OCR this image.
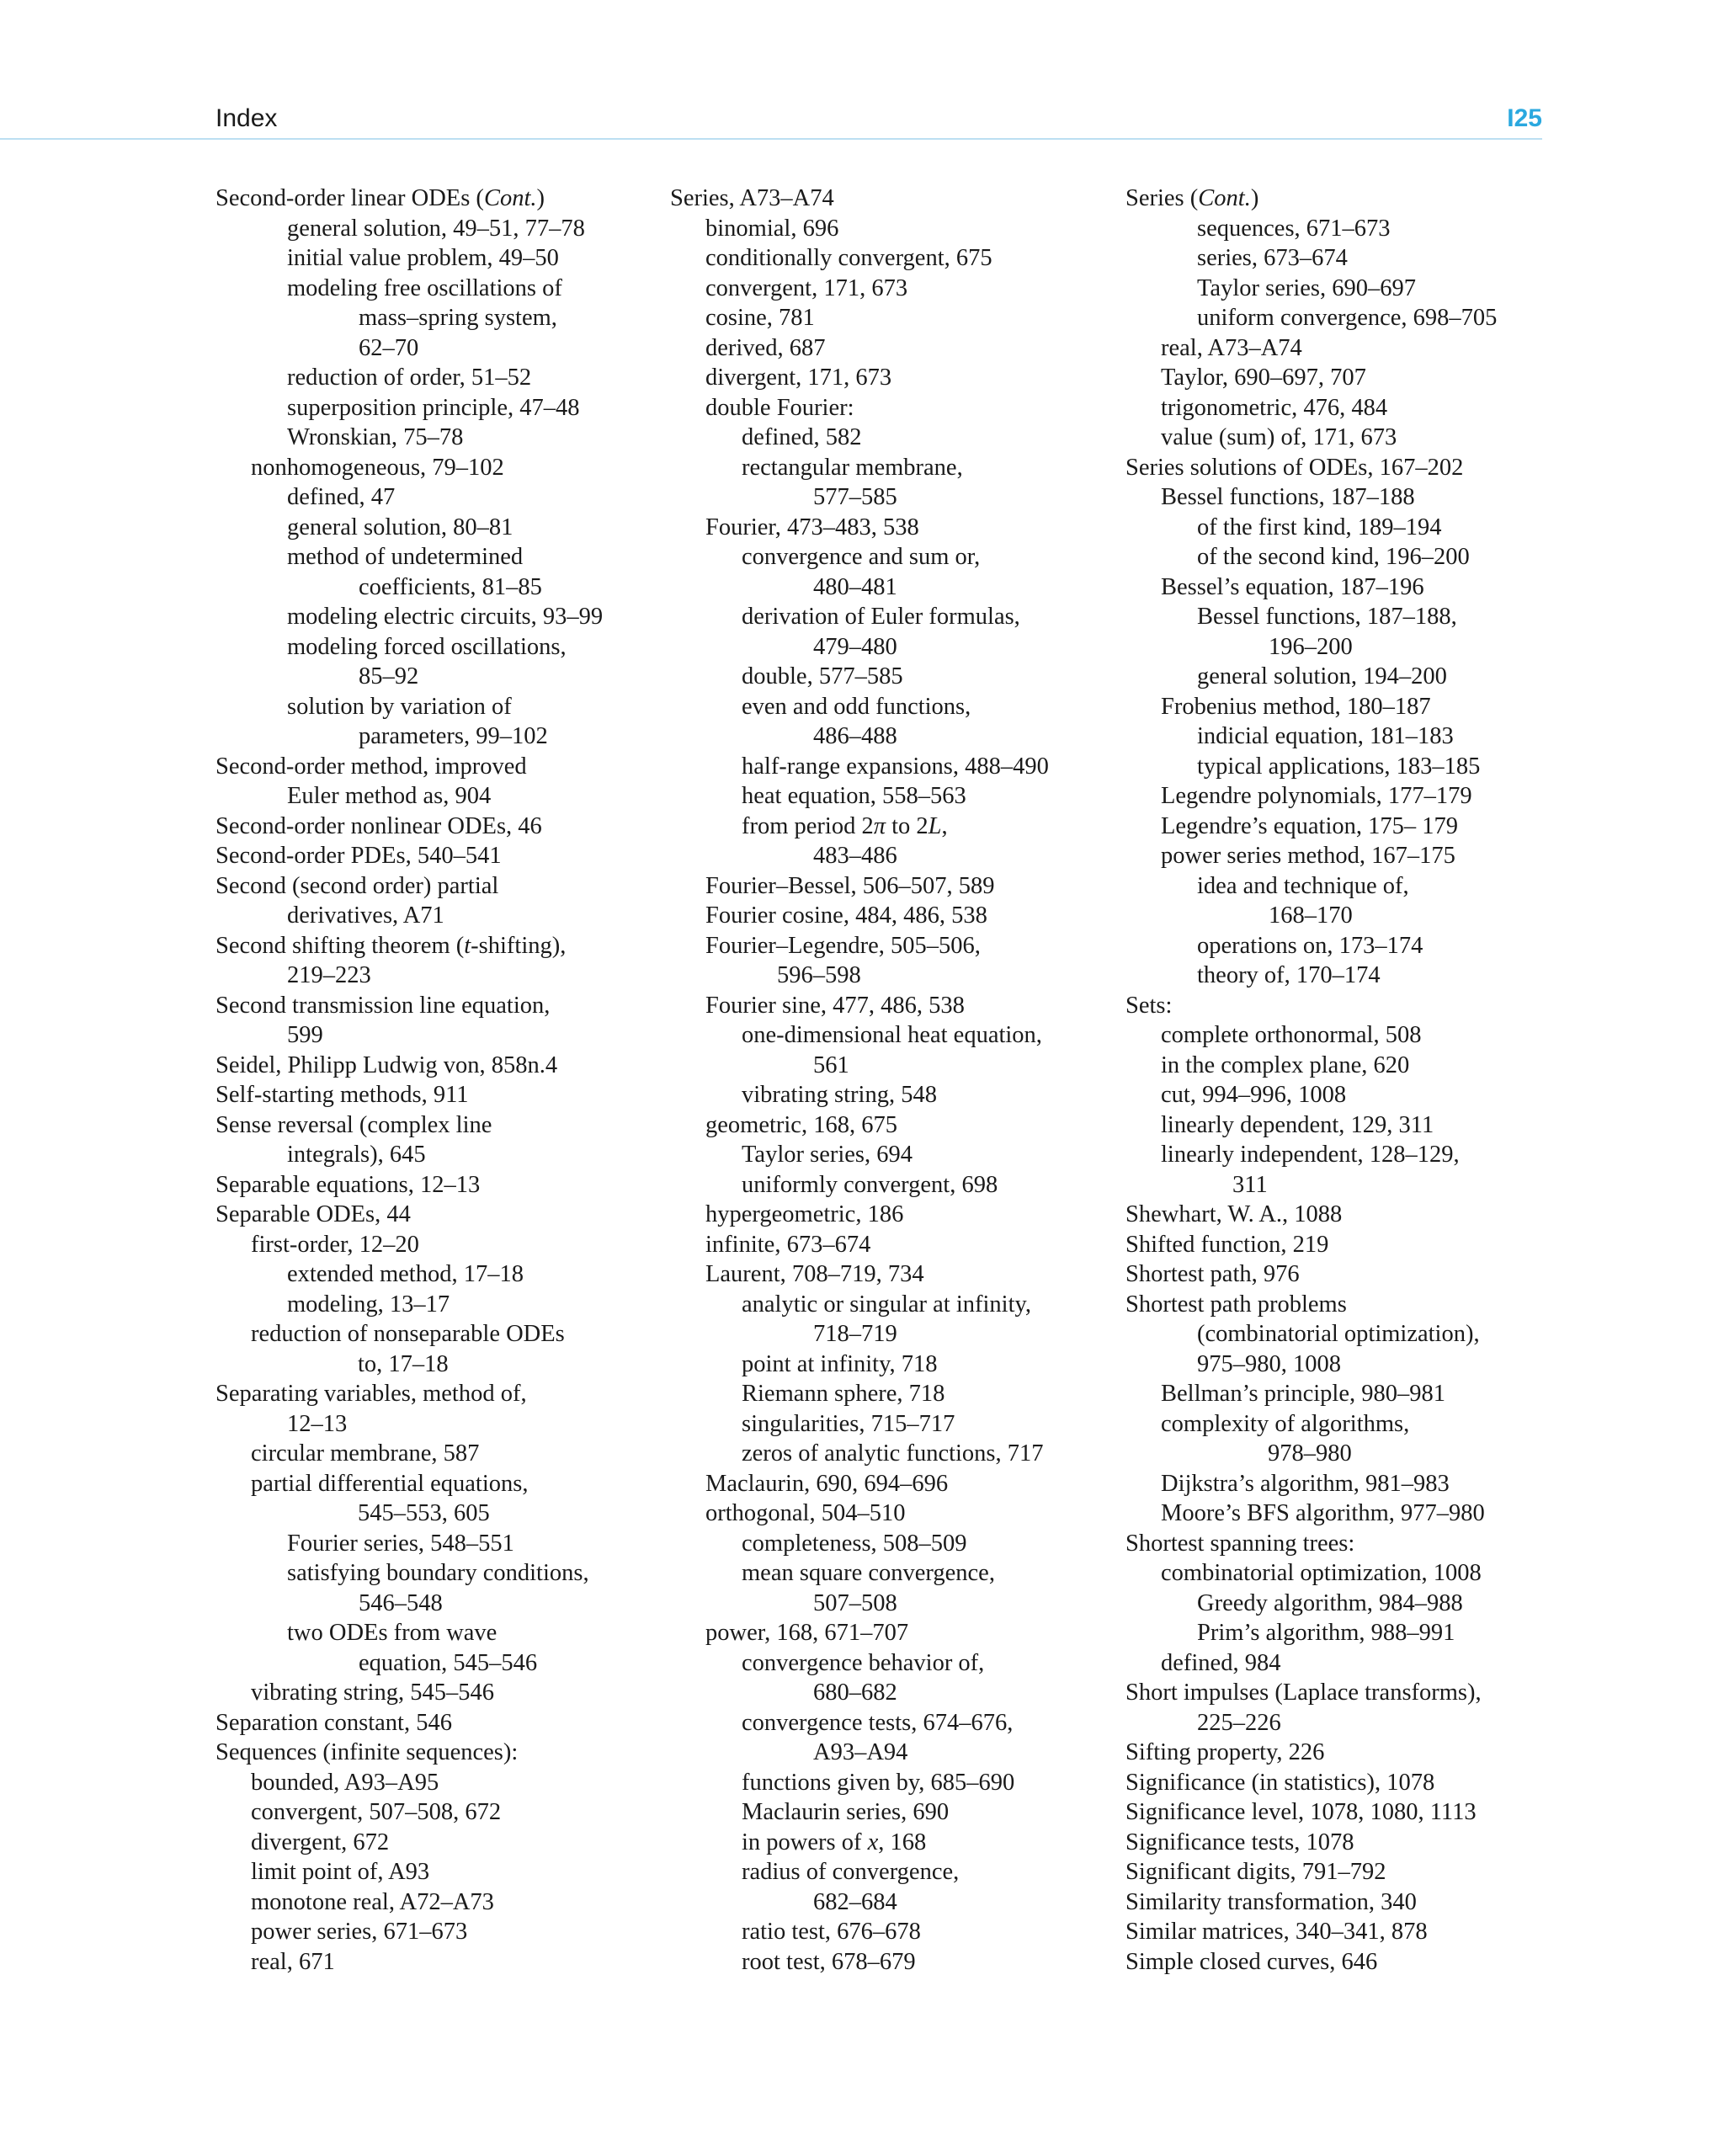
Index	I25
Second-order linear ODEs (Cont.)
general solution, 49–51, 77–78
initial value problem, 49–50
modeling free oscillations of
mass–spring system,
62–70
reduction of order, 51–52
superposition principle, 47–48
Wronskian, 75–78
nonhomogeneous, 79–102
defined, 47
general solution, 80–81
method of undetermined
coefficients, 81–85
modeling electric circuits, 93–99
modeling forced oscillations,
85–92
solution by variation of
parameters, 99–102
Second-order method, improved
Euler method as, 904
Second-order nonlinear ODEs, 46
Second-order PDEs, 540–541
Second (second order) partial
derivatives, A71
Second shifting theorem (t-shifting),
219–223
Second transmission line equation,
599
Seidel, Philipp Ludwig von, 858n.4
Self-starting methods, 911
Sense reversal (complex line
integrals), 645
Separable equations, 12–13
Separable ODEs, 44
first-order, 12–20
extended method, 17–18
modeling, 13–17
reduction of nonseparable ODEs
to, 17–18
Separating variables, method of,
12–13
circular membrane, 587
partial differential equations,
545–553, 605
Fourier series, 548–551
satisfying boundary conditions,
546–548
two ODEs from wave
equation, 545–546
vibrating string, 545–546
Separation constant, 546
Sequences (infinite sequences):
bounded, A93–A95
convergent, 507–508, 672
divergent, 672
limit point of, A93
monotone real, A72–A73
power series, 671–673
real, 671
Series, A73–A74
binomial, 696
conditionally convergent, 675
convergent, 171, 673
cosine, 781
derived, 687
divergent, 171, 673
double Fourier:
defined, 582
rectangular membrane,
577–585
Fourier, 473–483, 538
convergence and sum or,
480–481
derivation of Euler formulas,
479–480
double, 577–585
even and odd functions,
486–488
half-range expansions, 488–490
heat equation, 558–563
from period 2π to 2L,
483–486
Fourier–Bessel, 506–507, 589
Fourier cosine, 484, 486, 538
Fourier–Legendre, 505–506,
596–598
Fourier sine, 477, 486, 538
one-dimensional heat equation,
561
vibrating string, 548
geometric, 168, 675
Taylor series, 694
uniformly convergent, 698
hypergeometric, 186
infinite, 673–674
Laurent, 708–719, 734
analytic or singular at infinity,
718–719
point at infinity, 718
Riemann sphere, 718
singularities, 715–717
zeros of analytic functions, 717
Maclaurin, 690, 694–696
orthogonal, 504–510
completeness, 508–509
mean square convergence,
507–508
power, 168, 671–707
convergence behavior of,
680–682
convergence tests, 674–676,
A93–A94
functions given by, 685–690
Maclaurin series, 690
in powers of x, 168
radius of convergence,
682–684
ratio test, 676–678
root test, 678–679
Series (Cont.)
sequences, 671–673
series, 673–674
Taylor series, 690–697
uniform convergence, 698–705
real, A73–A74
Taylor, 690–697, 707
trigonometric, 476, 484
value (sum) of, 171, 673
Series solutions of ODEs, 167–202
Bessel functions, 187–188
of the first kind, 189–194
of the second kind, 196–200
Bessel’s equation, 187–196
Bessel functions, 187–188,
196–200
general solution, 194–200
Frobenius method, 180–187
indicial equation, 181–183
typical applications, 183–185
Legendre polynomials, 177–179
Legendre’s equation, 175– 179
power series method, 167–175
idea and technique of,
168–170
operations on, 173–174
theory of, 170–174
Sets:
complete orthonormal, 508
in the complex plane, 620
cut, 994–996, 1008
linearly dependent, 129, 311
linearly independent, 128–129,
311
Shewhart, W. A., 1088
Shifted function, 219
Shortest path, 976
Shortest path problems
(combinatorial optimization),
975–980, 1008
Bellman’s principle, 980–981
complexity of algorithms,
978–980
Dijkstra’s algorithm, 981–983
Moore’s BFS algorithm, 977–980
Shortest spanning trees:
combinatorial optimization, 1008
Greedy algorithm, 984–988
Prim’s algorithm, 988–991
defined, 984
Short impulses (Laplace transforms),
225–226
Sifting property, 226
Significance (in statistics), 1078
Significance level, 1078, 1080, 1113
Significance tests, 1078
Significant digits, 791–792
Similarity transformation, 340
Similar matrices, 340–341, 878
Simple closed curves, 646
